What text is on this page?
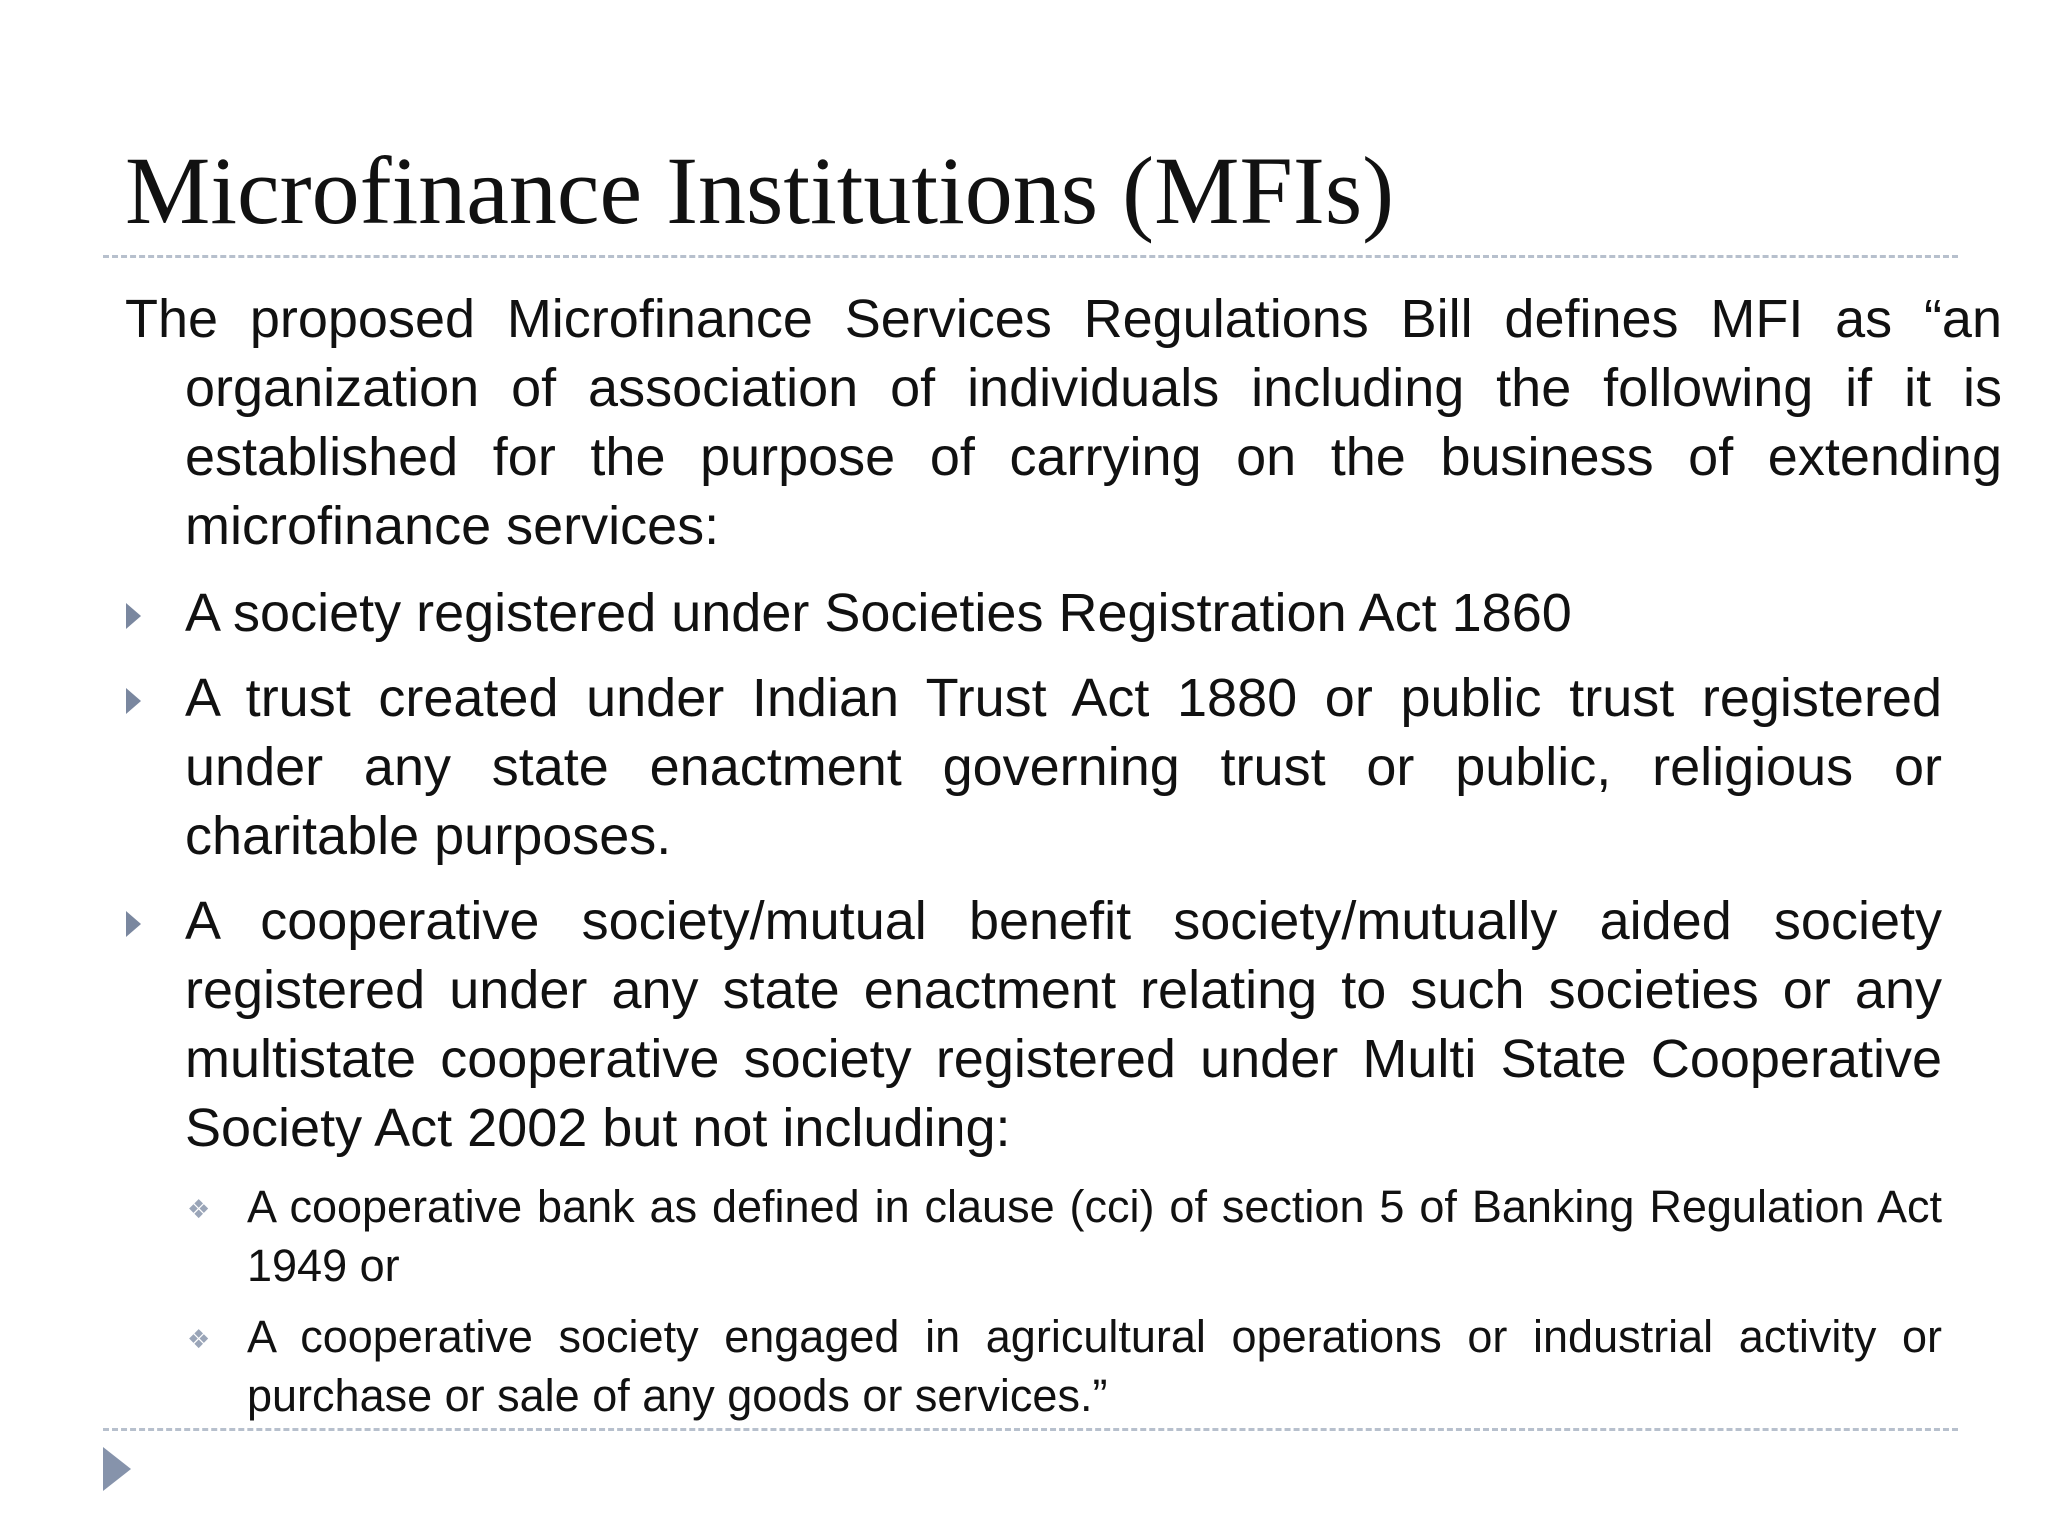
Microfinance Institutions (MFIs)

The proposed Microfinance Services Regulations Bill defines MFI as “an organization of association of individuals including the following if it is established for the purpose of carrying on the business of extending microfinance services:

A society registered under Societies Registration Act 1860
A trust created under Indian Trust Act 1880 or public trust registered under any state enactment governing trust or public, religious or charitable purposes.
A cooperative society/mutual benefit society/mutually aided society registered under any state enactment relating to such societies or any multistate cooperative society registered under Multi State Cooperative Society Act 2002 but not including:
❖
A cooperative bank as defined in clause (cci) of section 5 of Banking Regulation Act 1949 or
❖
A cooperative society engaged in agricultural operations or industrial activity or purchase or sale of any goods or services.”
